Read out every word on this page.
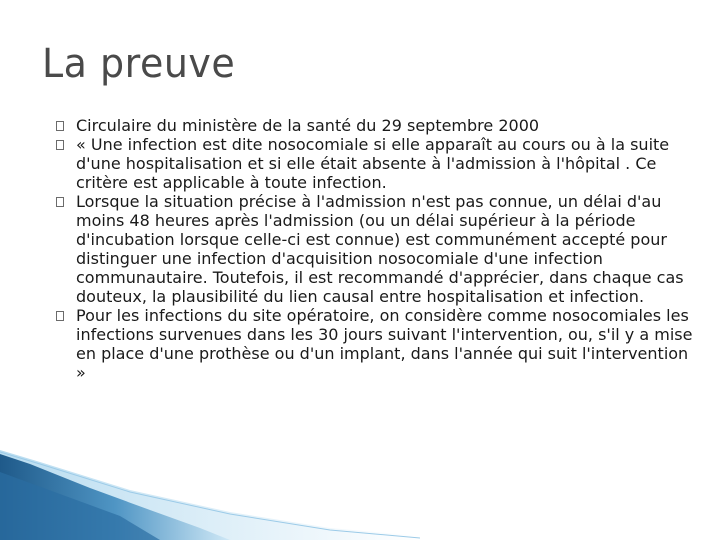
La preuve
Circulaire du ministère de la santé du 29 septembre 2000
« Une infection est dite nosocomiale si elle apparaît au cours ou à la suite d'une hospitalisation et si elle était absente à l'admission à l'hôpital . Ce critère est applicable à toute infection.
Lorsque la situation précise à l'admission n'est pas connue, un délai d'au moins 48 heures après l'admission (ou un délai supérieur à la période d'incubation lorsque celle-ci est connue) est communément accepté pour distinguer une infection d'acquisition nosocomiale d'une infection communautaire. Toutefois, il est recommandé d'apprécier, dans chaque cas douteux, la plausibilité du lien causal entre hospitalisation et infection.
Pour les infections du site opératoire, on considère comme nosocomiales les infections survenues dans les 30 jours suivant l'intervention, ou, s'il y a mise en place d'une prothèse ou d'un implant, dans l'année qui suit l'intervention »
